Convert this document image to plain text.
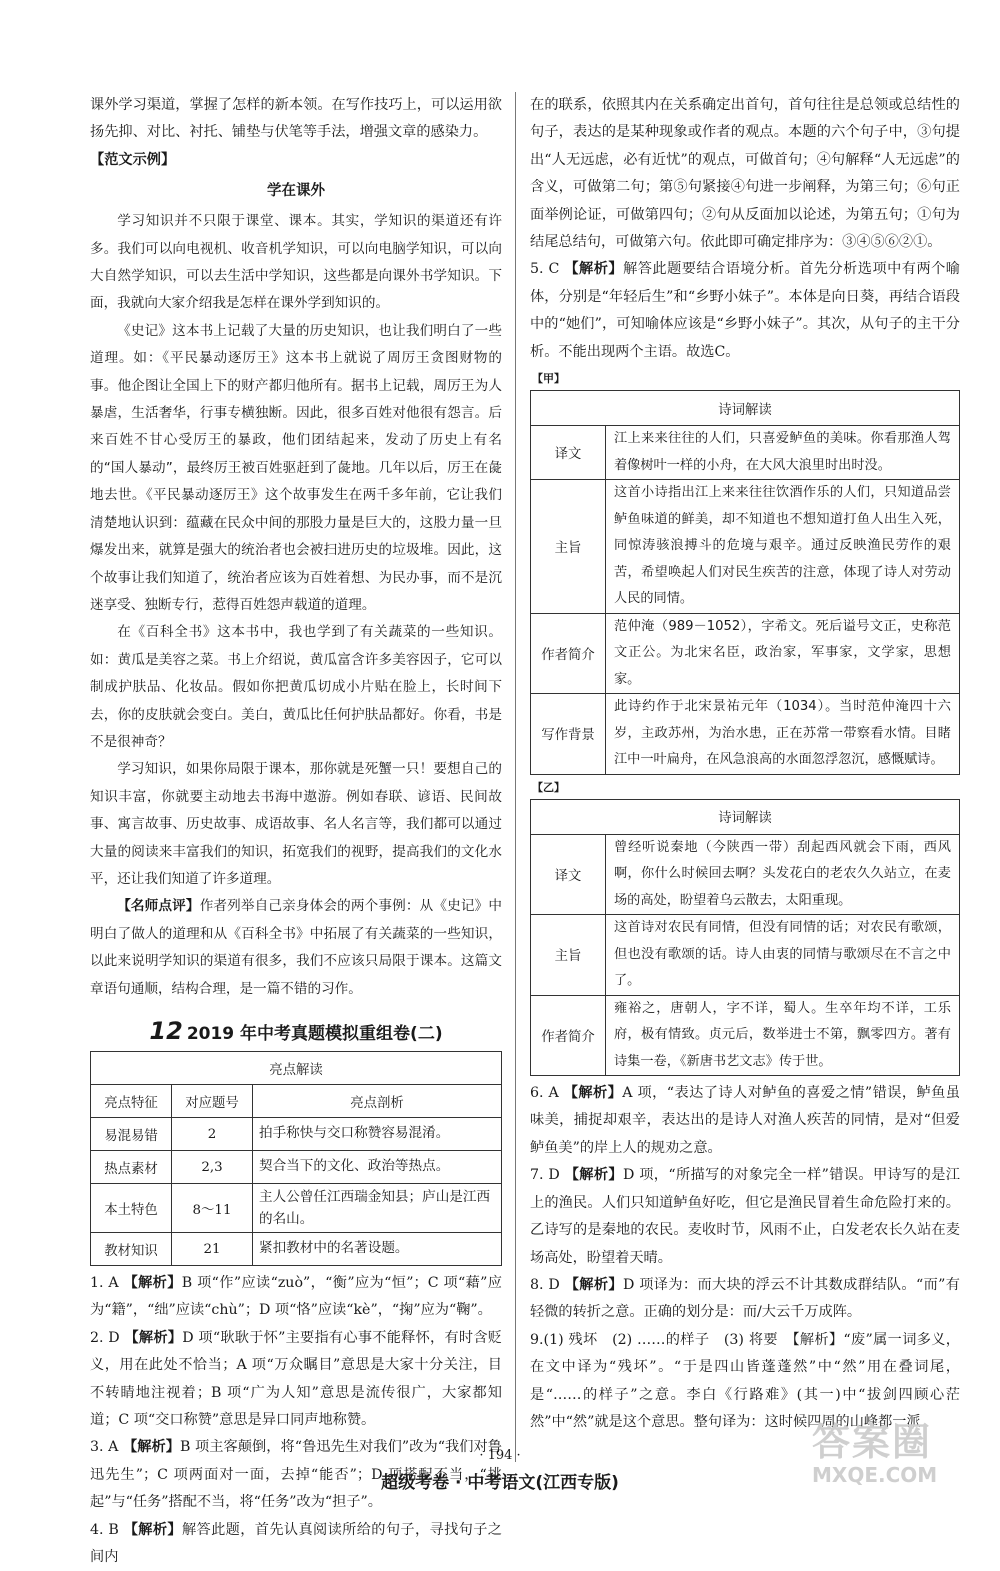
课外学习渠道，掌握了怎样的新本领。在写作技巧上，可以运用欲扬先抑、对比、衬托、铺垫与伏笔等手法，增强文章的感染力。

【范文示例】

学在课外

学习知识并不只限于课堂、课本。其实，学知识的渠道还有许多。我们可以向电视机、收音机学知识，可以向电脑学知识，可以向大自然学知识，可以去生活中学知识，这些都是向课外书学知识。下面，我就向大家介绍我是怎样在课外学到知识的。

《史记》这本书上记载了大量的历史知识，也让我们明白了一些道理。如：《平民暴动逐厉王》这本书上就说了周厉王贪图财物的事。他企图让全国上下的财产都归他所有。据书上记载，周厉王为人暴虐，生活奢华，行事专横独断。因此，很多百姓对他很有怨言。后来百姓不甘心受厉王的暴政，他们团结起来，发动了历史上有名的“国人暴动”，最终厉王被百姓驱赶到了彘地。几年以后，厉王在彘地去世。《平民暴动逐厉王》这个故事发生在两千多年前，它让我们清楚地认识到：蕴藏在民众中间的那股力量是巨大的，这股力量一旦爆发出来，就算是强大的统治者也会被扫进历史的垃圾堆。因此，这个故事让我们知道了，统治者应该为百姓着想、为民办事，而不是沉迷享受、独断专行，惹得百姓怨声载道的道理。

在《百科全书》这本书中，我也学到了有关蔬菜的一些知识。如：黄瓜是美容之菜。书上介绍说，黄瓜富含许多美容因子，它可以制成护肤品、化妆品。假如你把黄瓜切成小片贴在脸上，长时间下去，你的皮肤就会变白。美白，黄瓜比任何护肤品都好。你看，书是不是很神奇？

学习知识，如果你局限于课本，那你就是死蟹一只！要想自己的知识丰富，你就要主动地去书海中遨游。例如春联、谚语、民间故事、寓言故事、历史故事、成语故事、名人名言等，我们都可以通过大量的阅读来丰富我们的知识，拓宽我们的视野，提高我们的文化水平，还让我们知道了许多道理。

【名师点评】作者列举自己亲身体会的两个事例：从《史记》中明白了做人的道理和从《百科全书》中拓展了有关蔬菜的一些知识，以此来说明学知识的渠道有很多，我们不应该只局限于课本。这篇文章语句通顺，结构合理，是一篇不错的习作。

12 2019 年中考真题模拟重组卷(二)
亮点解读		
亮点特征	对应题号	亮点剖析
易混易错	2	拍手称快与交口称赞容易混淆。
热点素材	2,3	契合当下的文化、政治等热点。
本土特色	8～11	主人公曾任江西瑞金知县；庐山是江西的名山。
教材知识	21	紧扣教材中的名著设题。

1. A 【解析】B 项“作”应读“zuò”，“衡”应为“恒”；C 项“藉”应为“籍”，“绌”应读“chù”；D 项“恪”应读“kè”，“掬”应为“鞠”。

2. D 【解析】D 项“耿耿于怀”主要指有心事不能释怀，有时含贬义，用在此处不恰当；A 项“万众瞩目”意思是大家十分关注，目不转睛地注视着；B 项“广为人知”意思是流传很广，大家都知道；C 项“交口称赞”意思是异口同声地称赞。

3. A 【解析】B 项主客颠倒，将“鲁迅先生对我们”改为“我们对鲁迅先生”；C 项两面对一面，去掉“能否”；D 项搭配不当，“挑起”与“任务”搭配不当，将“任务”改为“担子”。

4. B 【解析】解答此题，首先认真阅读所给的句子，寻找句子之间内

在的联系，依照其内在关系确定出首句，首句往往是总领或总结性的句子，表达的是某种现象或作者的观点。本题的六个句子中，③句提出“人无远虑，必有近忧”的观点，可做首句；④句解释“人无远虑”的含义，可做第二句；第⑤句紧接④句进一步阐释，为第三句；⑥句正面举例论证，可做第四句；②句从反面加以论述，为第五句；①句为结尾总结句，可做第六句。依此即可确定排序为：③④⑤⑥②①。

5. C 【解析】解答此题要结合语境分析。首先分析选项中有两个喻体，分别是“年轻后生”和“乡野小妹子”。本体是向日葵，再结合语段中的“她们”，可知喻体应该是“乡野小妹子”。其次，从句子的主干分析。不能出现两个主语。故选C。

【甲】
诗词解读	
译文	江上来来往往的人们，只喜爱鲈鱼的美味。你看那渔人驾着像树叶一样的小舟，在大风大浪里时出时没。
主旨	这首小诗指出江上来来往往饮酒作乐的人们，只知道品尝鲈鱼味道的鲜美，却不知道也不想知道打鱼人出生入死，同惊涛骇浪搏斗的危境与艰辛。通过反映渔民劳作的艰苦，希望唤起人们对民生疾苦的注意，体现了诗人对劳动人民的同情。
作者简介	范仲淹（989－1052），字希文。死后谥号文正，史称范文正公。为北宋名臣，政治家，军事家，文学家，思想家。
写作背景	此诗约作于北宋景祐元年（1034）。当时范仲淹四十六岁，主政苏州，为治水患，正在苏常一带察看水情。目睹江中一叶扁舟，在风急浪高的水面忽浮忽沉，感慨赋诗。
【乙】
诗词解读	
译文	曾经听说秦地（今陕西一带）刮起西风就会下雨，西风啊，你什么时候回去啊？头发花白的老农久久站立，在麦场的高处，盼望着乌云散去，太阳重现。
主旨	这首诗对农民有同情，但没有同情的话；对农民有歌颂，但也没有歌颂的话。诗人由衷的同情与歌颂尽在不言之中了。
作者简介	雍裕之，唐朝人，字不详，蜀人。生卒年均不详，工乐府，极有情致。贞元后，数举进士不第，飘零四方。著有诗集一卷，《新唐书艺文志》传于世。

6. A 【解析】A 项，“表达了诗人对鲈鱼的喜爱之情”错误，鲈鱼虽味美，捕捉却艰辛，表达出的是诗人对渔人疾苦的同情，是对“但爱鲈鱼美”的岸上人的规劝之意。

7. D 【解析】D 项，“所描写的对象完全一样”错误。甲诗写的是江上的渔民。人们只知道鲈鱼好吃，但它是渔民冒着生命危险打来的。乙诗写的是秦地的农民。麦收时节，风雨不止，白发老农长久站在麦场高处，盼望着天晴。

8. D 【解析】D 项译为：而大块的浮云不计其数成群结队。“而”有轻微的转折之意。正确的划分是：而/大云千万成阵。

9.(1) 残坏　(2) ……的样子　(3) 将要　【解析】“废”属一词多义，在文中译为“残坏”。“于是四山皆蓬蓬然”中“然”用在叠词尾，是“……的样子”之意。李白《行路难》(其一)中“拔剑四顾心茫然”中“然”就是这个意思。整句译为：这时候四周的山峰都一派

· 194 ·
超级考卷 · 中考语文(江西专版)
答案圈
MXQE.COM
